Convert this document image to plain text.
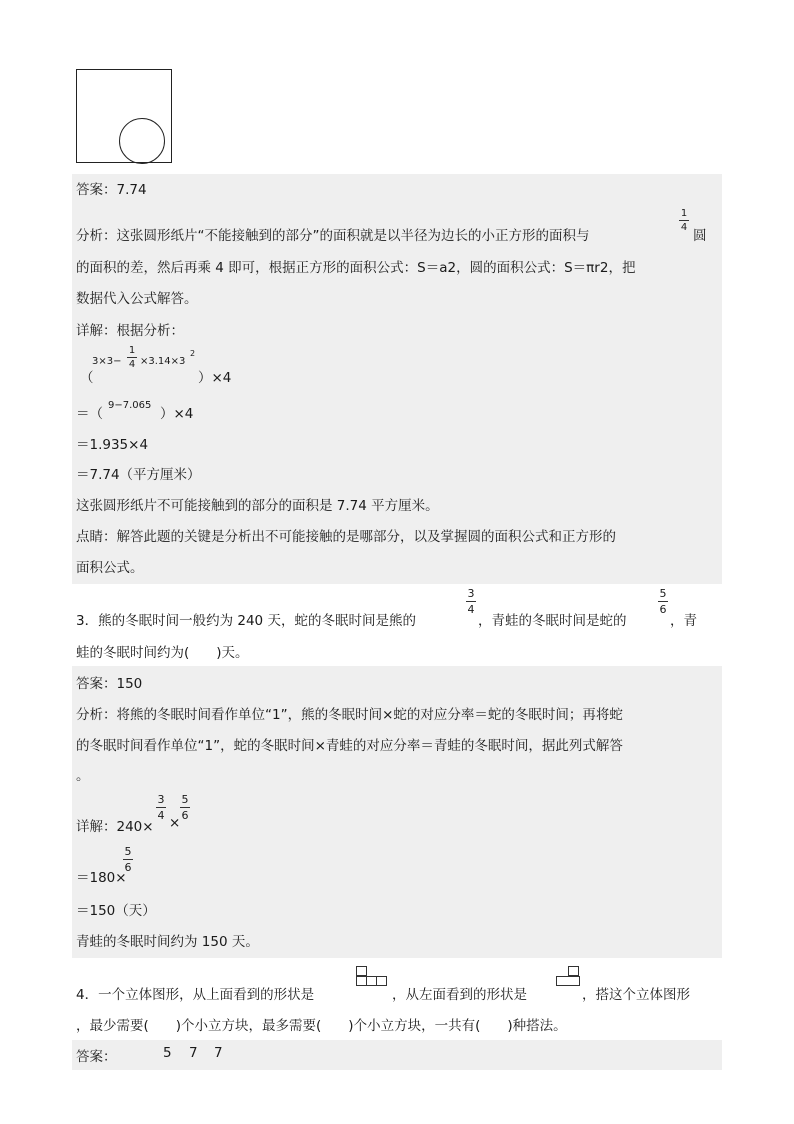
答案：7.74
分析：这张圆形纸片“不能接触到的部分”的面积就是以半径为边长的小正方形的面积与
1
4
圆
的面积的差，然后再乘 4 即可，根据正方形的面积公式：S＝a2，圆的面积公式：S＝πr2，把
数据代入公式解答。
详解：根据分析：
（
3×3−
1
4 ×3.14×3
2
）×4
＝（
9−7.065
）×4
＝1.935×4
＝7.74（平方厘米）
这张圆形纸片不可能接触到的部分的面积是 7.74 平方厘米。
点睛：解答此题的关键是分析出不可能接触的是哪部分，以及掌握圆的面积公式和正方形的
面积公式。
3．熊的冬眠时间一般约为 240 天，蛇的冬眠时间是熊的
3
4
，青蛙的冬眠时间是蛇的
5
6
，青
蛙的冬眠时间约为(　　)天。
答案：150
分析：将熊的冬眠时间看作单位“1”，熊的冬眠时间×蛇的对应分率＝蛇的冬眠时间；再将蛇
的冬眠时间看作单位“1”，蛇的冬眠时间×青蛙的对应分率＝青蛙的冬眠时间，据此列式解答
。
详解：240×
3
4 ×
5
6
＝180×
5
6
＝150（天）
青蛙的冬眠时间约为 150 天。
4．一个立体图形，从上面看到的形状是	，从左面看到的形状是	，搭这个立体图形
，最少需要(　　)个小立方块，最多需要(　　)个小立方块，一共有(　　)种搭法。
答案：	5 7 7
